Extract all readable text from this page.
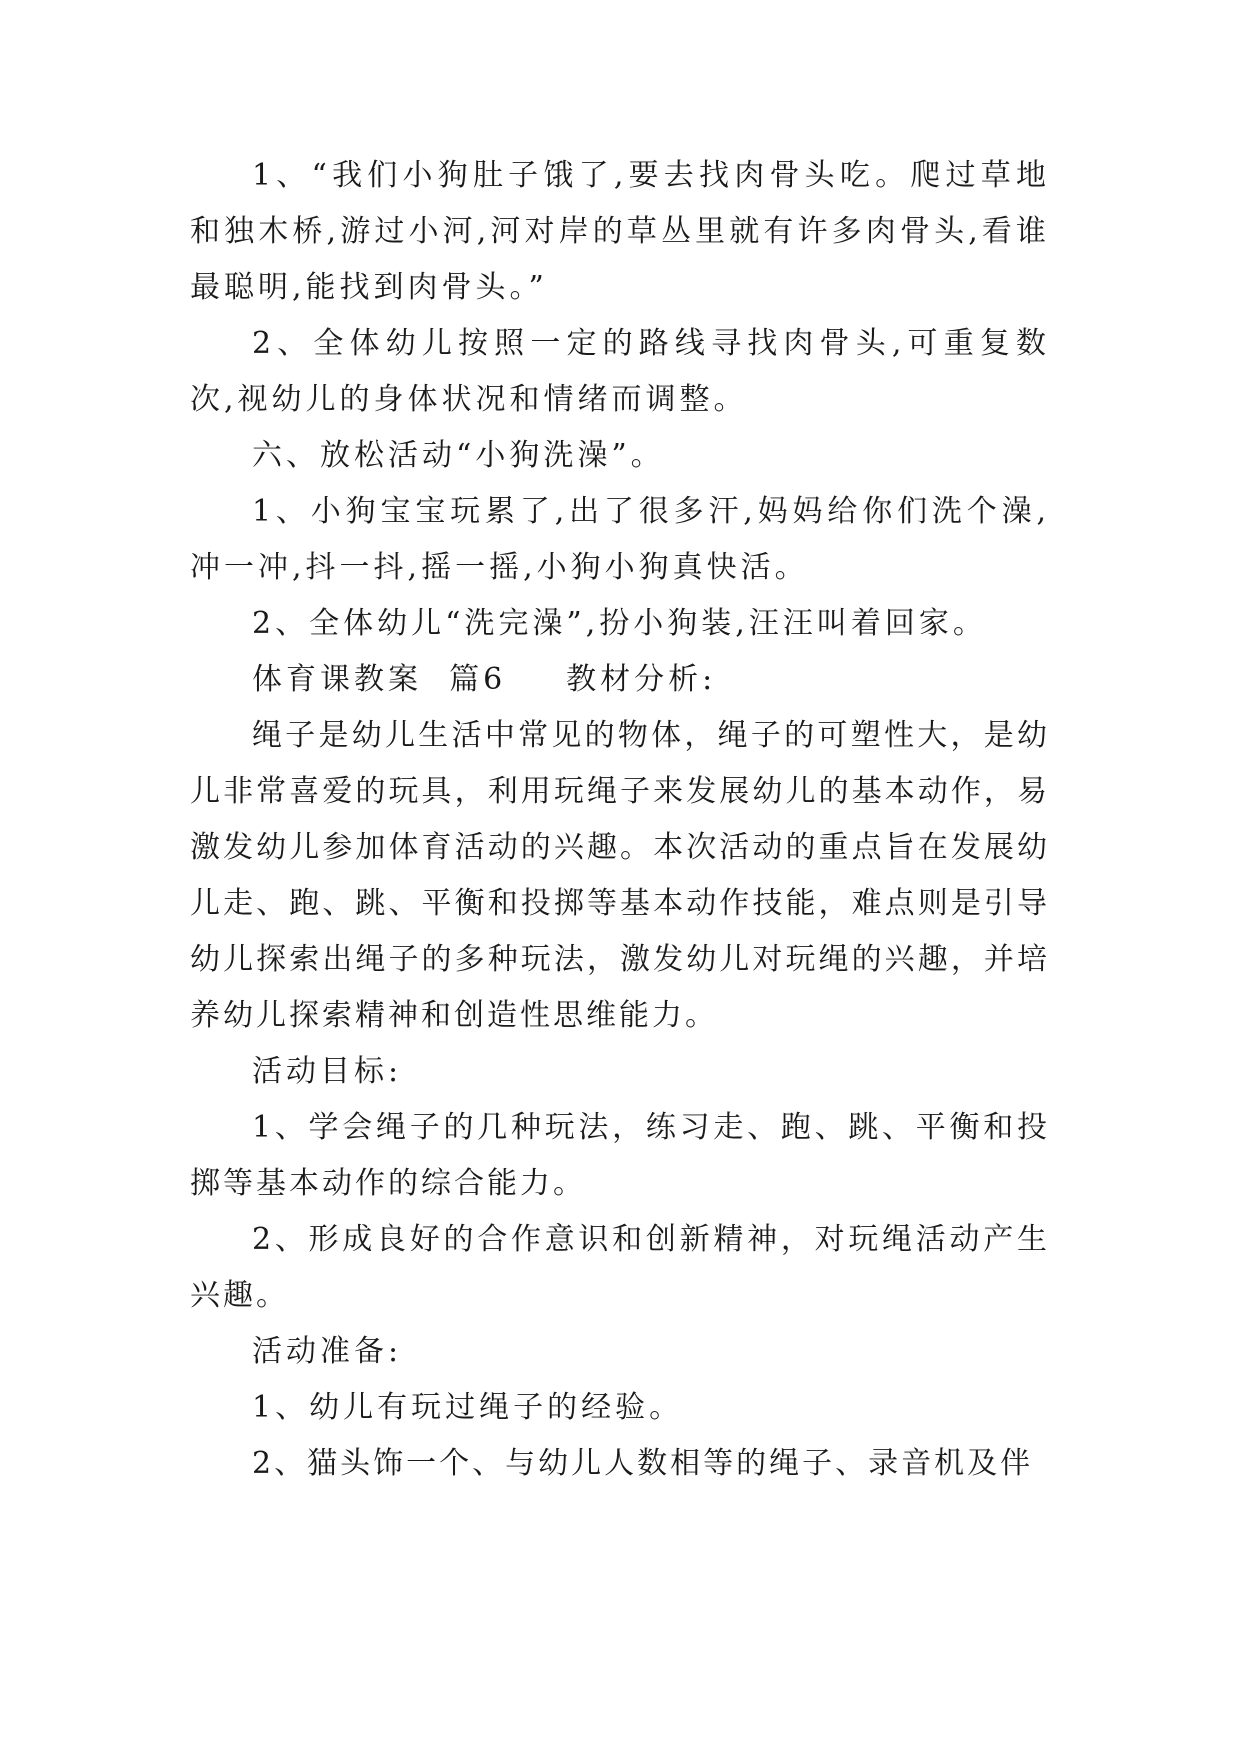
1、“我们小狗肚子饿了,要去找肉骨头吃。爬过草地和独木桥,游过小河,河对岸的草丛里就有许多肉骨头,看谁最聪明,能找到肉骨头。”

2、全体幼儿按照一定的路线寻找肉骨头,可重复数次,视幼儿的身体状况和情绪而调整。

六、放松活动“小狗洗澡”。

1、小狗宝宝玩累了,出了很多汗,妈妈给你们洗个澡,冲一冲,抖一抖,摇一摇,小狗小狗真快活。

2、全体幼儿“洗完澡”,扮小狗装,汪汪叫着回家。

体育课教案  篇6 教材分析:

绳子是幼儿生活中常见的物体，绳子的可塑性大，是幼儿非常喜爱的玩具，利用玩绳子来发展幼儿的基本动作，易激发幼儿参加体育活动的兴趣。本次活动的重点旨在发展幼儿走、跑、跳、平衡和投掷等基本动作技能，难点则是引导幼儿探索出绳子的多种玩法，激发幼儿对玩绳的兴趣，并培养幼儿探索精神和创造性思维能力。

活动目标:

1、学会绳子的几种玩法，练习走、跑、跳、平衡和投掷等基本动作的综合能力。

2、形成良好的合作意识和创新精神，对玩绳活动产生兴趣。

活动准备:

1、幼儿有玩过绳子的经验。

2、猫头饰一个、与幼儿人数相等的绳子、录音机及伴
